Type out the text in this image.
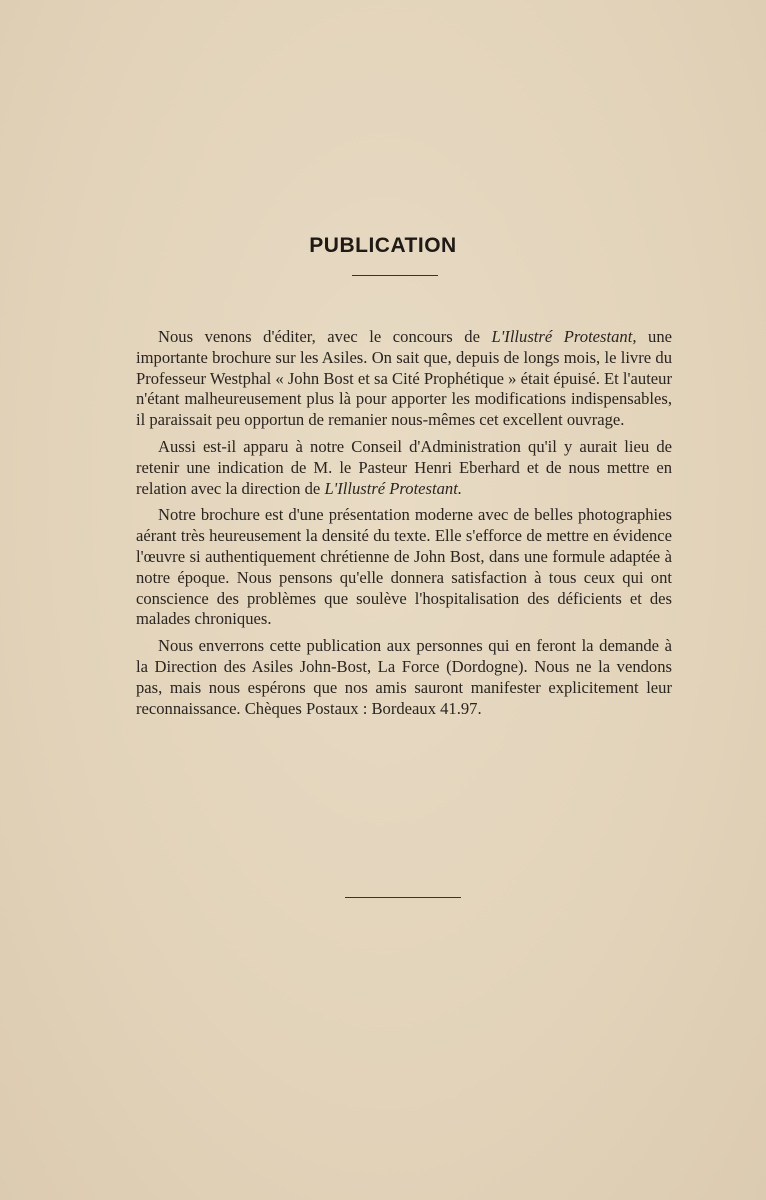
PUBLICATION

Nous venons d'éditer, avec le concours de L'Illustré Protestant, une importante brochure sur les Asiles. On sait que, depuis de longs mois, le livre du Professeur Westphal « John Bost et sa Cité Prophétique » était épuisé. Et l'auteur n'étant malheureusement plus là pour apporter les modifications indispensables, il paraissait peu opportun de remanier nous-mêmes cet excellent ouvrage.

Aussi est-il apparu à notre Conseil d'Administration qu'il y aurait lieu de retenir une indication de M. le Pasteur Henri Eberhard et de nous mettre en relation avec la direction de L'Illustré Protestant.

Notre brochure est d'une présentation moderne avec de belles photographies aérant très heureusement la densité du texte. Elle s'efforce de mettre en évidence l'œuvre si authentiquement chrétienne de John Bost, dans une formule adaptée à notre époque. Nous pensons qu'elle donnera satisfaction à tous ceux qui ont conscience des problèmes que soulève l'hospitalisation des déficients et des malades chroniques.

Nous enverrons cette publication aux personnes qui en feront la demande à la Direction des Asiles John-Bost, La Force (Dordogne). Nous ne la vendons pas, mais nous espérons que nos amis sauront manifester explicitement leur reconnaissance. Chèques Postaux : Bordeaux 41.97.
